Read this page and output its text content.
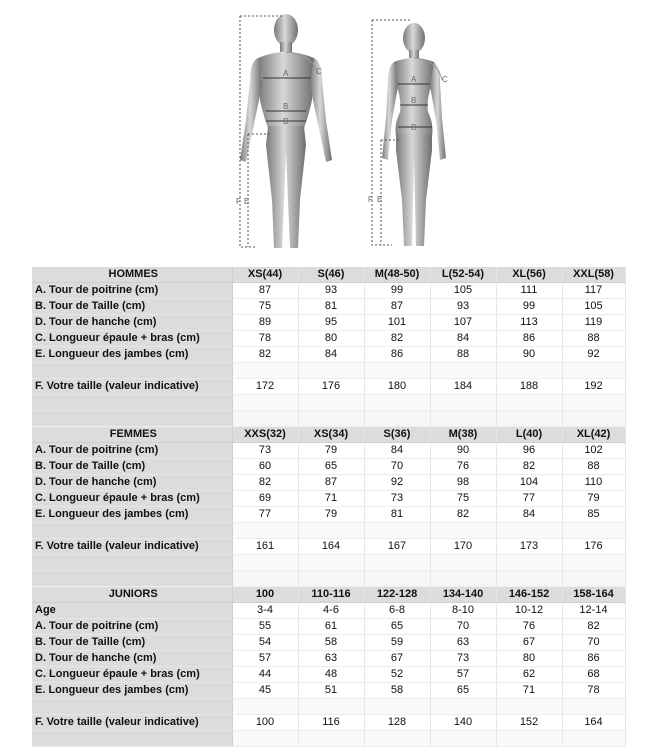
A
B
D
C
F E
A
B
D
C
F E
HOMMES	XS(44)	S(46)	M(48-50)	L(52-54)	XL(56)	XXL(58)
A. Tour de poitrine (cm)	87	93	99	105	111	117
B. Tour de Taille (cm)	75	81	87	93	99	105
D. Tour de hanche (cm)	89	95	101	107	113	119
C. Longueur épaule + bras (cm)	78	80	82	84	86	88
E. Longueur des jambes (cm)	82	84	86	88	90	92

F. Votre taille (valeur indicative)	172	176	180	184	188	192

FEMMES	XXS(32)	XS(34)	S(36)	M(38)	L(40)	XL(42)
A. Tour de poitrine (cm)	73	79	84	90	96	102
B. Tour de Taille (cm)	60	65	70	76	82	88
D. Tour de hanche (cm)	82	87	92	98	104	110
C. Longueur épaule + bras (cm)	69	71	73	75	77	79
E. Longueur des jambes (cm)	77	79	81	82	84	85

F. Votre taille (valeur indicative)	161	164	167	170	173	176

JUNIORS	100	110-116	122-128	134-140	146-152	158-164
Age	3-4	4-6	6-8	8-10	10-12	12-14
A. Tour de poitrine (cm)	55	61	65	70	76	82
B. Tour de Taille (cm)	54	58	59	63	67	70
D. Tour de hanche (cm)	57	63	67	73	80	86
C. Longueur épaule + bras (cm)	44	48	52	57	62	68
E. Longueur des jambes (cm)	45	51	58	65	71	78

F. Votre taille (valeur indicative)	100	116	128	140	152	164
